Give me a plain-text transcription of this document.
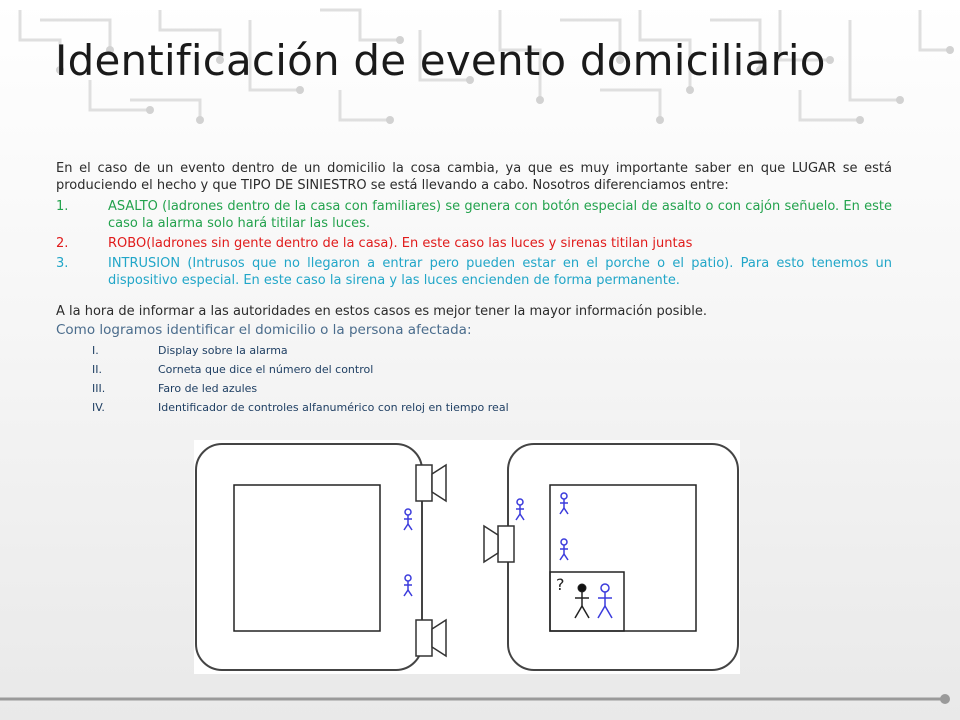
Identificación de evento domiciliario

En el caso de un evento dentro de un domicilio la cosa cambia, ya que es muy importante saber en que LUGAR se está produciendo el hecho y que TIPO DE SINIESTRO se está llevando a cabo. Nosotros diferenciamos entre:

1.	ASALTO (ladrones dentro de la casa con familiares) se genera con botón especial de asalto o con cajón señuelo. En este caso la alarma solo hará titilar las luces.
2.	ROBO(ladrones sin gente dentro de la casa). En este caso las luces y sirenas titilan juntas
3.	INTRUSION (Intrusos que no llegaron a entrar pero pueden estar en el porche o el patio). Para esto tenemos un dispositivo especial. En este caso la sirena y las luces encienden de forma permanente.

A la hora de informar a las autoridades en estos casos es mejor tener la mayor información posible.

Como logramos identificar el domicilio o la persona afectada:

I.	Display sobre la alarma
II.	Corneta que dice el número del control
III.	Faro de led azules
IV.	Identificador de controles alfanumérico con reloj en tiempo real
?
